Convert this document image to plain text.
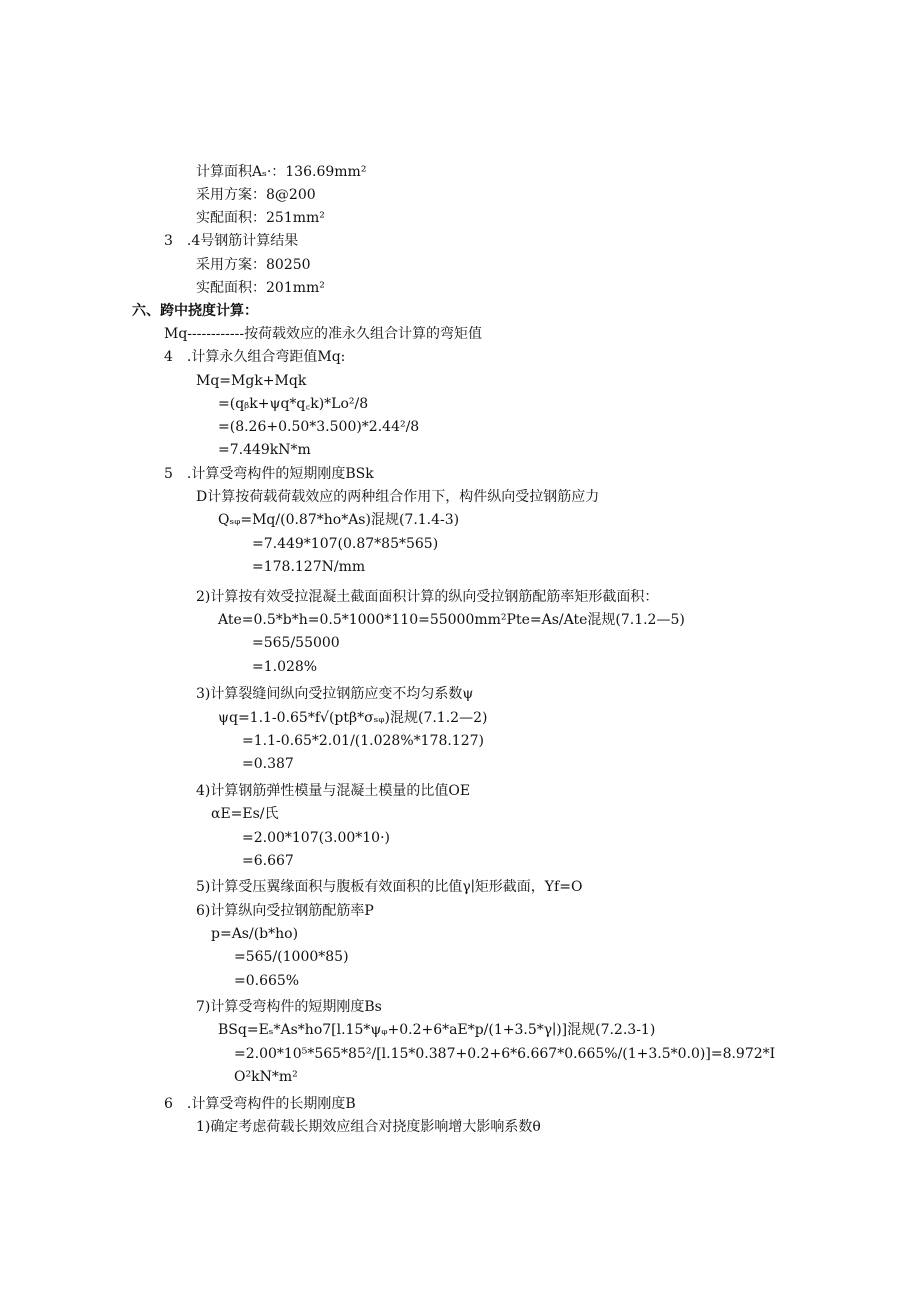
计算面积Aₛ·：136.69mm²
采用方案：8@200
实配面积：251mm²
3　.4号钢筋计算结果
采用方案：80250
实配面积：201mm²
六、跨中挠度计算：
Mq------------按荷载效应的准永久组合计算的弯矩值
4　.计算永久组合弯距值Mq:
Mq=Mgk+Mqk
=(qᵦk+ψq*q꜀k)*Lo²/8
=(8.26+0.50*3.500)*2.44²/8
=7.449kN*m
5　.计算受弯构件的短期刚度BSk
D计算按荷载荷载效应的两种组合作用下，构件纵向受拉钢筋应力
Qₛᵩ=Mq/(0.87*ho*As)混规(7.1.4-3)
=7.449*107(0.87*85*565)
=178.127N/mm
2)计算按有效受拉混凝土截面面积计算的纵向受拉钢筋配筋率矩形截面积：
Ate=0.5*b*h=0.5*1000*110=55000mm²Pte=As/Ate混规(7.1.2—5)
=565/55000
=1.028%
3)计算裂缝间纵向受拉钢筋应变不均匀系数ψ
ψq=1.1-0.65*f√(ptβ*σₛᵩ)混规(7.1.2—2)
=1.1-0.65*2.01/(1.028%*178.127)
=0.387
4)计算钢筋弹性模量与混凝土模量的比值OE
αE=Es/氏
=2.00*107(3.00*10·)
=6.667
5)计算受压翼缘面积与腹板有效面积的比值γ∣矩形截面，Yf=O
6)计算纵向受拉钢筋配筋率P
p=As/(b*ho)
=565/(1000*85)
=0.665%
7)计算受弯构件的短期刚度Bs
BSq=Eₛ*As*ho7[l.15*ψᵩ+0.2+6*aE*p/(1+3.5*γ∣)]混规(7.2.3-1)
=2.00*10⁵*565*85²/[l.15*0.387+0.2+6*6.667*0.665%/(1+3.5*0.0)]=8.972*I
O²kN*m²
6　.计算受弯构件的长期刚度B
1)确定考虑荷载长期效应组合对挠度影响增大影响系数θ
